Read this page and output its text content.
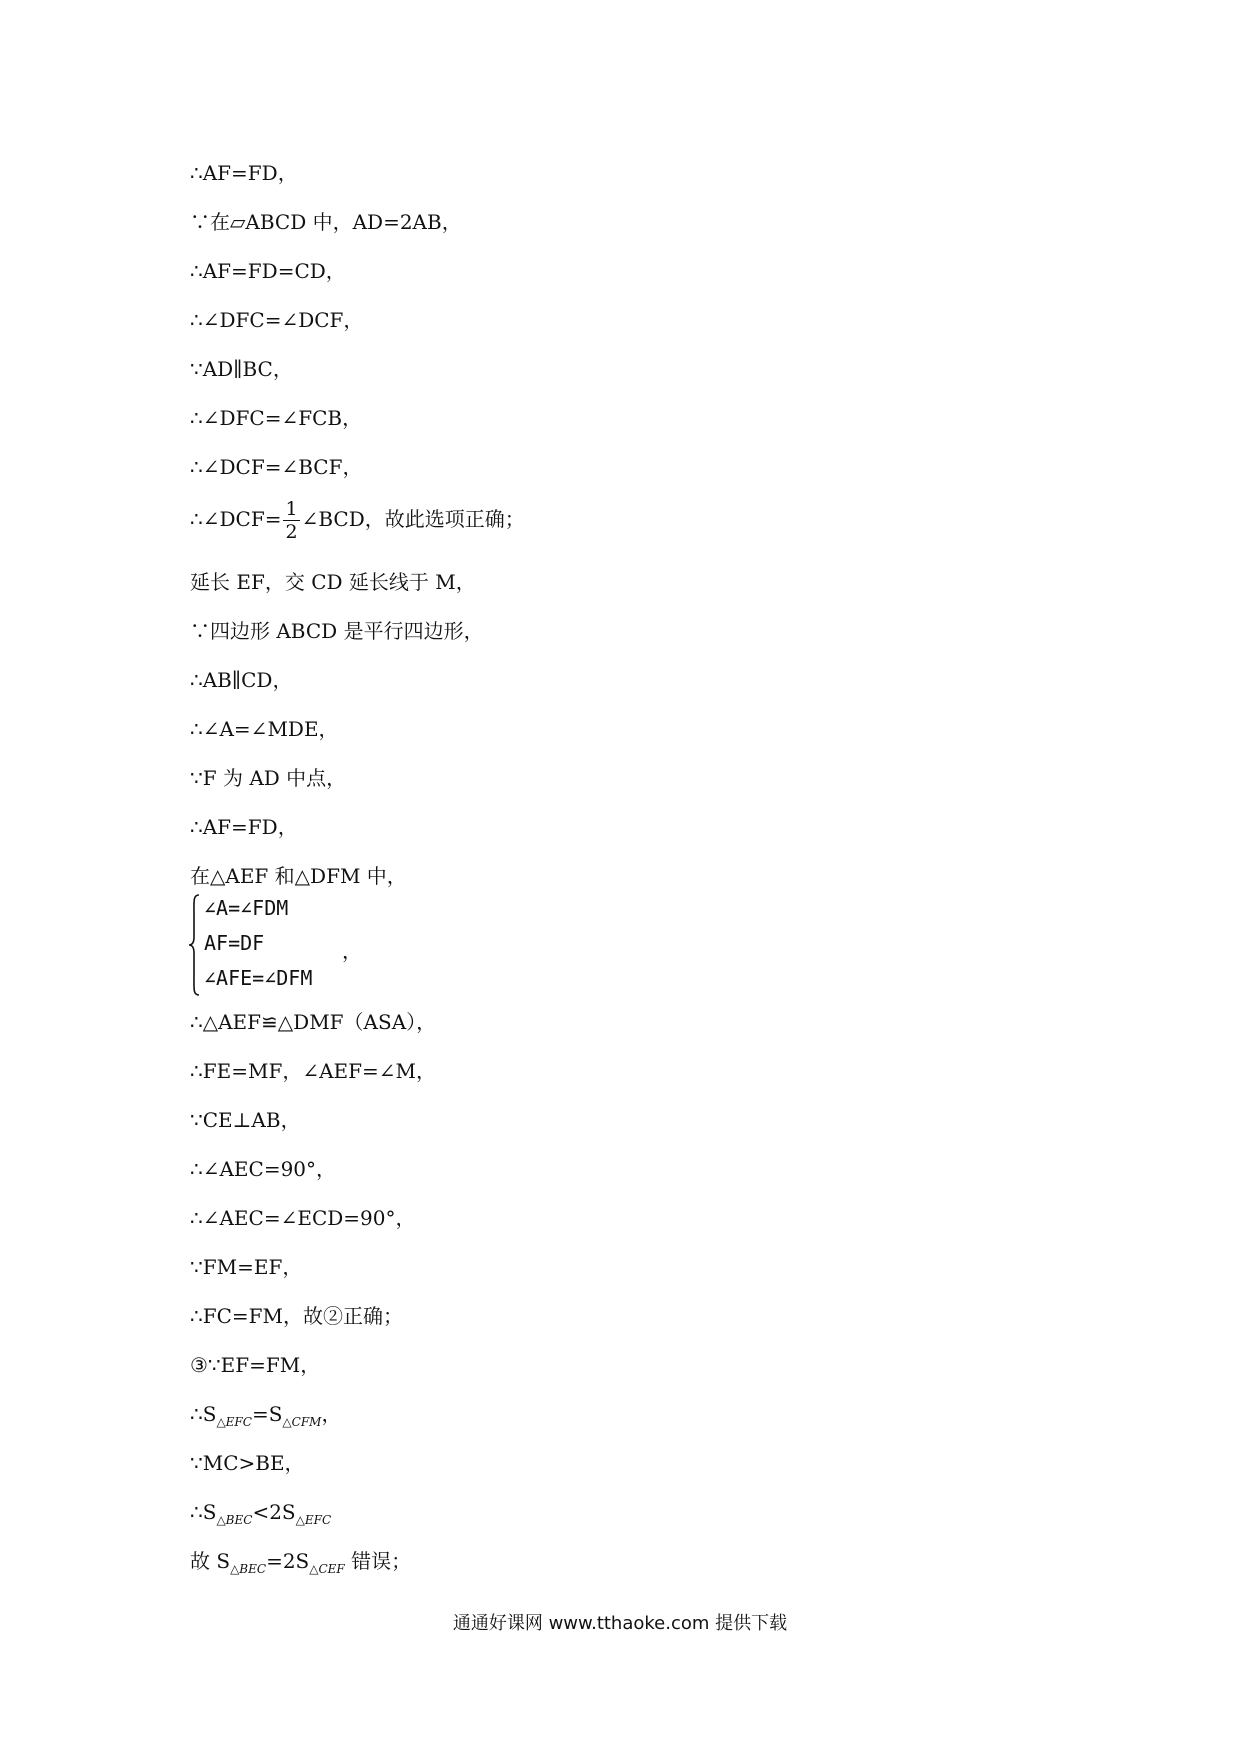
∴AF=FD，
∵在▱ABCD 中，AD=2AB，
∴AF=FD=CD，
∴∠DFC=∠DCF，
∵AD∥BC，
∴∠DFC=∠FCB，
∴∠DCF=∠BCF，
∴∠DCF= $\frac{1}{2}$ ∠BCD，故此选项正确；
延长 EF，交 CD 延长线于 M，
∵四边形 ABCD 是平行四边形，
∴AB∥CD，
∴∠A=∠MDE，
∵F 为 AD 中点，
∴AF=FD，
在△AEF 和△DFM 中，
∠A=∠FDM
AF=DF
∠AFE=∠DFM
，
∴△AEF≌△DMF（ASA），
∴FE=MF，∠AEF=∠M，
∵CE⊥AB，
∴∠AEC=90°，
∴∠AEC=∠ECD=90°，
∵FM=EF，
∴FC=FM，故②正确；
③∵EF=FM，
$\therefore S_{\triangle EFC}=S_{\triangle CFM}$，
∵MC>BE，
$\therefore S_{\triangle BEC}<2S_{\triangle EFC}$
故 $S_{\triangle BEC}=2S_{\triangle CEF}$ 错误；
通通好课网 www.tthaoke.com 提供下载
